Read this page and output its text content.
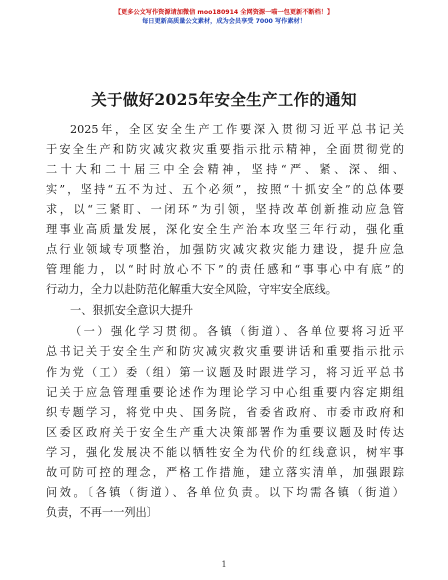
【更多公文写作资源请加微信 moo180914 全网资源一喵一包更新不断档！】
每日更新高质量公文素材，成为会员享受 7000 写作素材！
关于做好2025年安全生产工作的通知
2025年，全区安全生产工作要深入贯彻习近平总书记关
于安全生产和防灾减灾救灾重要指示批示精神，全面贯彻党的
二十大和二十届三中全会精神，坚持“严、紧、深、细、
实”，坚持“五不为过、五个必须”，按照“十抓安全”的总体要
求，以“三紧盯、一闭环”为引领，坚持改革创新推动应急管
理事业高质量发展，深化安全生产治本攻坚三年行动，强化重
点行业领域专项整治，加强防灾减灾救灾能力建设，提升应急
管理能力，以“时时放心不下”的责任感和“事事心中有底”的
行动力，全力以赴防范化解重大安全风险，守牢安全底线。
一、狠抓安全意识大提升
（一）强化学习贯彻。各镇（街道）、各单位要将习近平
总书记关于安全生产和防灾减灾救灾重要讲话和重要指示批示
作为党（工）委（组）第一议题及时跟进学习，将习近平总书
记关于应急管理重要论述作为理论学习中心组重要内容定期组
织专题学习，将党中央、国务院，省委省政府、市委市政府和
区委区政府关于安全生产重大决策部署作为重要议题及时传达
学习，强化发展决不能以牺牲安全为代价的红线意识，树牢事
故可防可控的理念，严格工作措施，建立落实清单，加强跟踪
问效。〔各镇（街道）、各单位负责。以下均需各镇（街道）
负责，不再一一列出〕
1
